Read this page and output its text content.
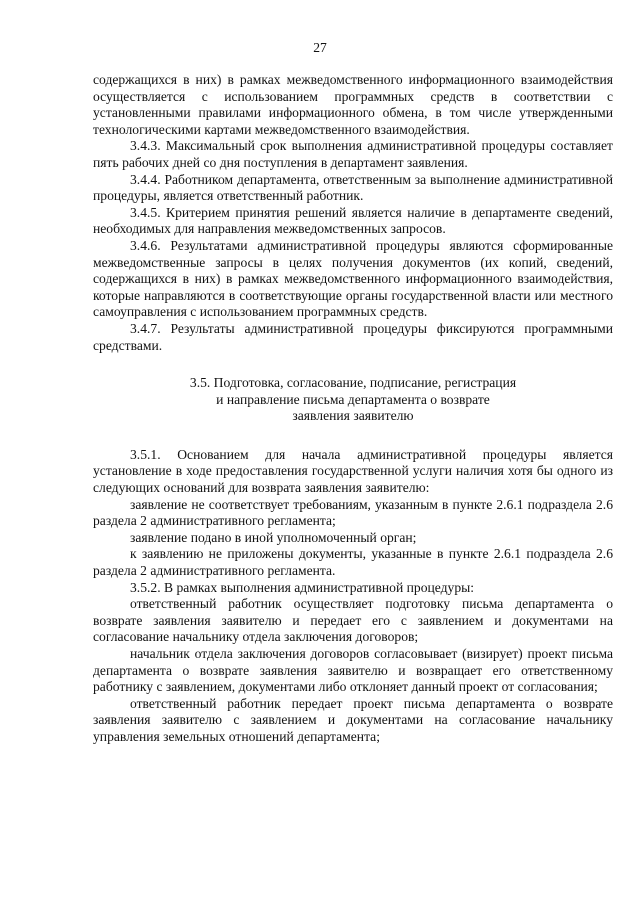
27

содержащихся в них) в рамках межведомственного информационного взаимодействия осуществляется с использованием программных средств в соответствии с установленными правилами информационного обмена, в том числе утвержденными технологическими картами межведомственного взаимодействия.

3.4.3. Максимальный срок выполнения административной процедуры составляет пять рабочих дней со дня поступления в департамент заявления.

3.4.4. Работником департамента, ответственным за выполнение административной процедуры, является ответственный работник.

3.4.5. Критерием принятия решений является наличие в департаменте сведений, необходимых для направления межведомственных запросов.

3.4.6. Результатами административной процедуры являются сформированные межведомственные запросы в целях получения документов (их копий, сведений, содержащихся в них) в рамках межведомственного информационного взаимодействия, которые направляются в соответствующие органы государственной власти или местного самоуправления с использованием программных средств.

3.4.7. Результаты административной процедуры фиксируются программными средствами.

3.5. Подготовка, согласование, подписание, регистрация
и направление письма департамента о возврате
заявления заявителю

3.5.1. Основанием для начала административной процедуры является установление в ходе предоставления государственной услуги наличия хотя бы одного из следующих оснований для возврата заявления заявителю:

заявление не соответствует требованиям, указанным в пункте 2.6.1 подраздела 2.6 раздела 2 административного регламента;

заявление подано в иной уполномоченный орган;

к заявлению не приложены документы, указанные в пункте 2.6.1 подраздела 2.6 раздела 2 административного регламента.

3.5.2. В рамках выполнения административной процедуры:

ответственный работник осуществляет подготовку письма департамента о возврате заявления заявителю и передает его с заявлением и документами на согласование начальнику отдела заключения договоров;

начальник отдела заключения договоров согласовывает (визирует) проект письма департамента о возврате заявления заявителю и возвращает его ответственному работнику с заявлением, документами либо отклоняет данный проект от согласования;

ответственный работник передает проект письма департамента о возврате заявления заявителю с заявлением и документами на согласование начальнику управления земельных отношений департамента;
